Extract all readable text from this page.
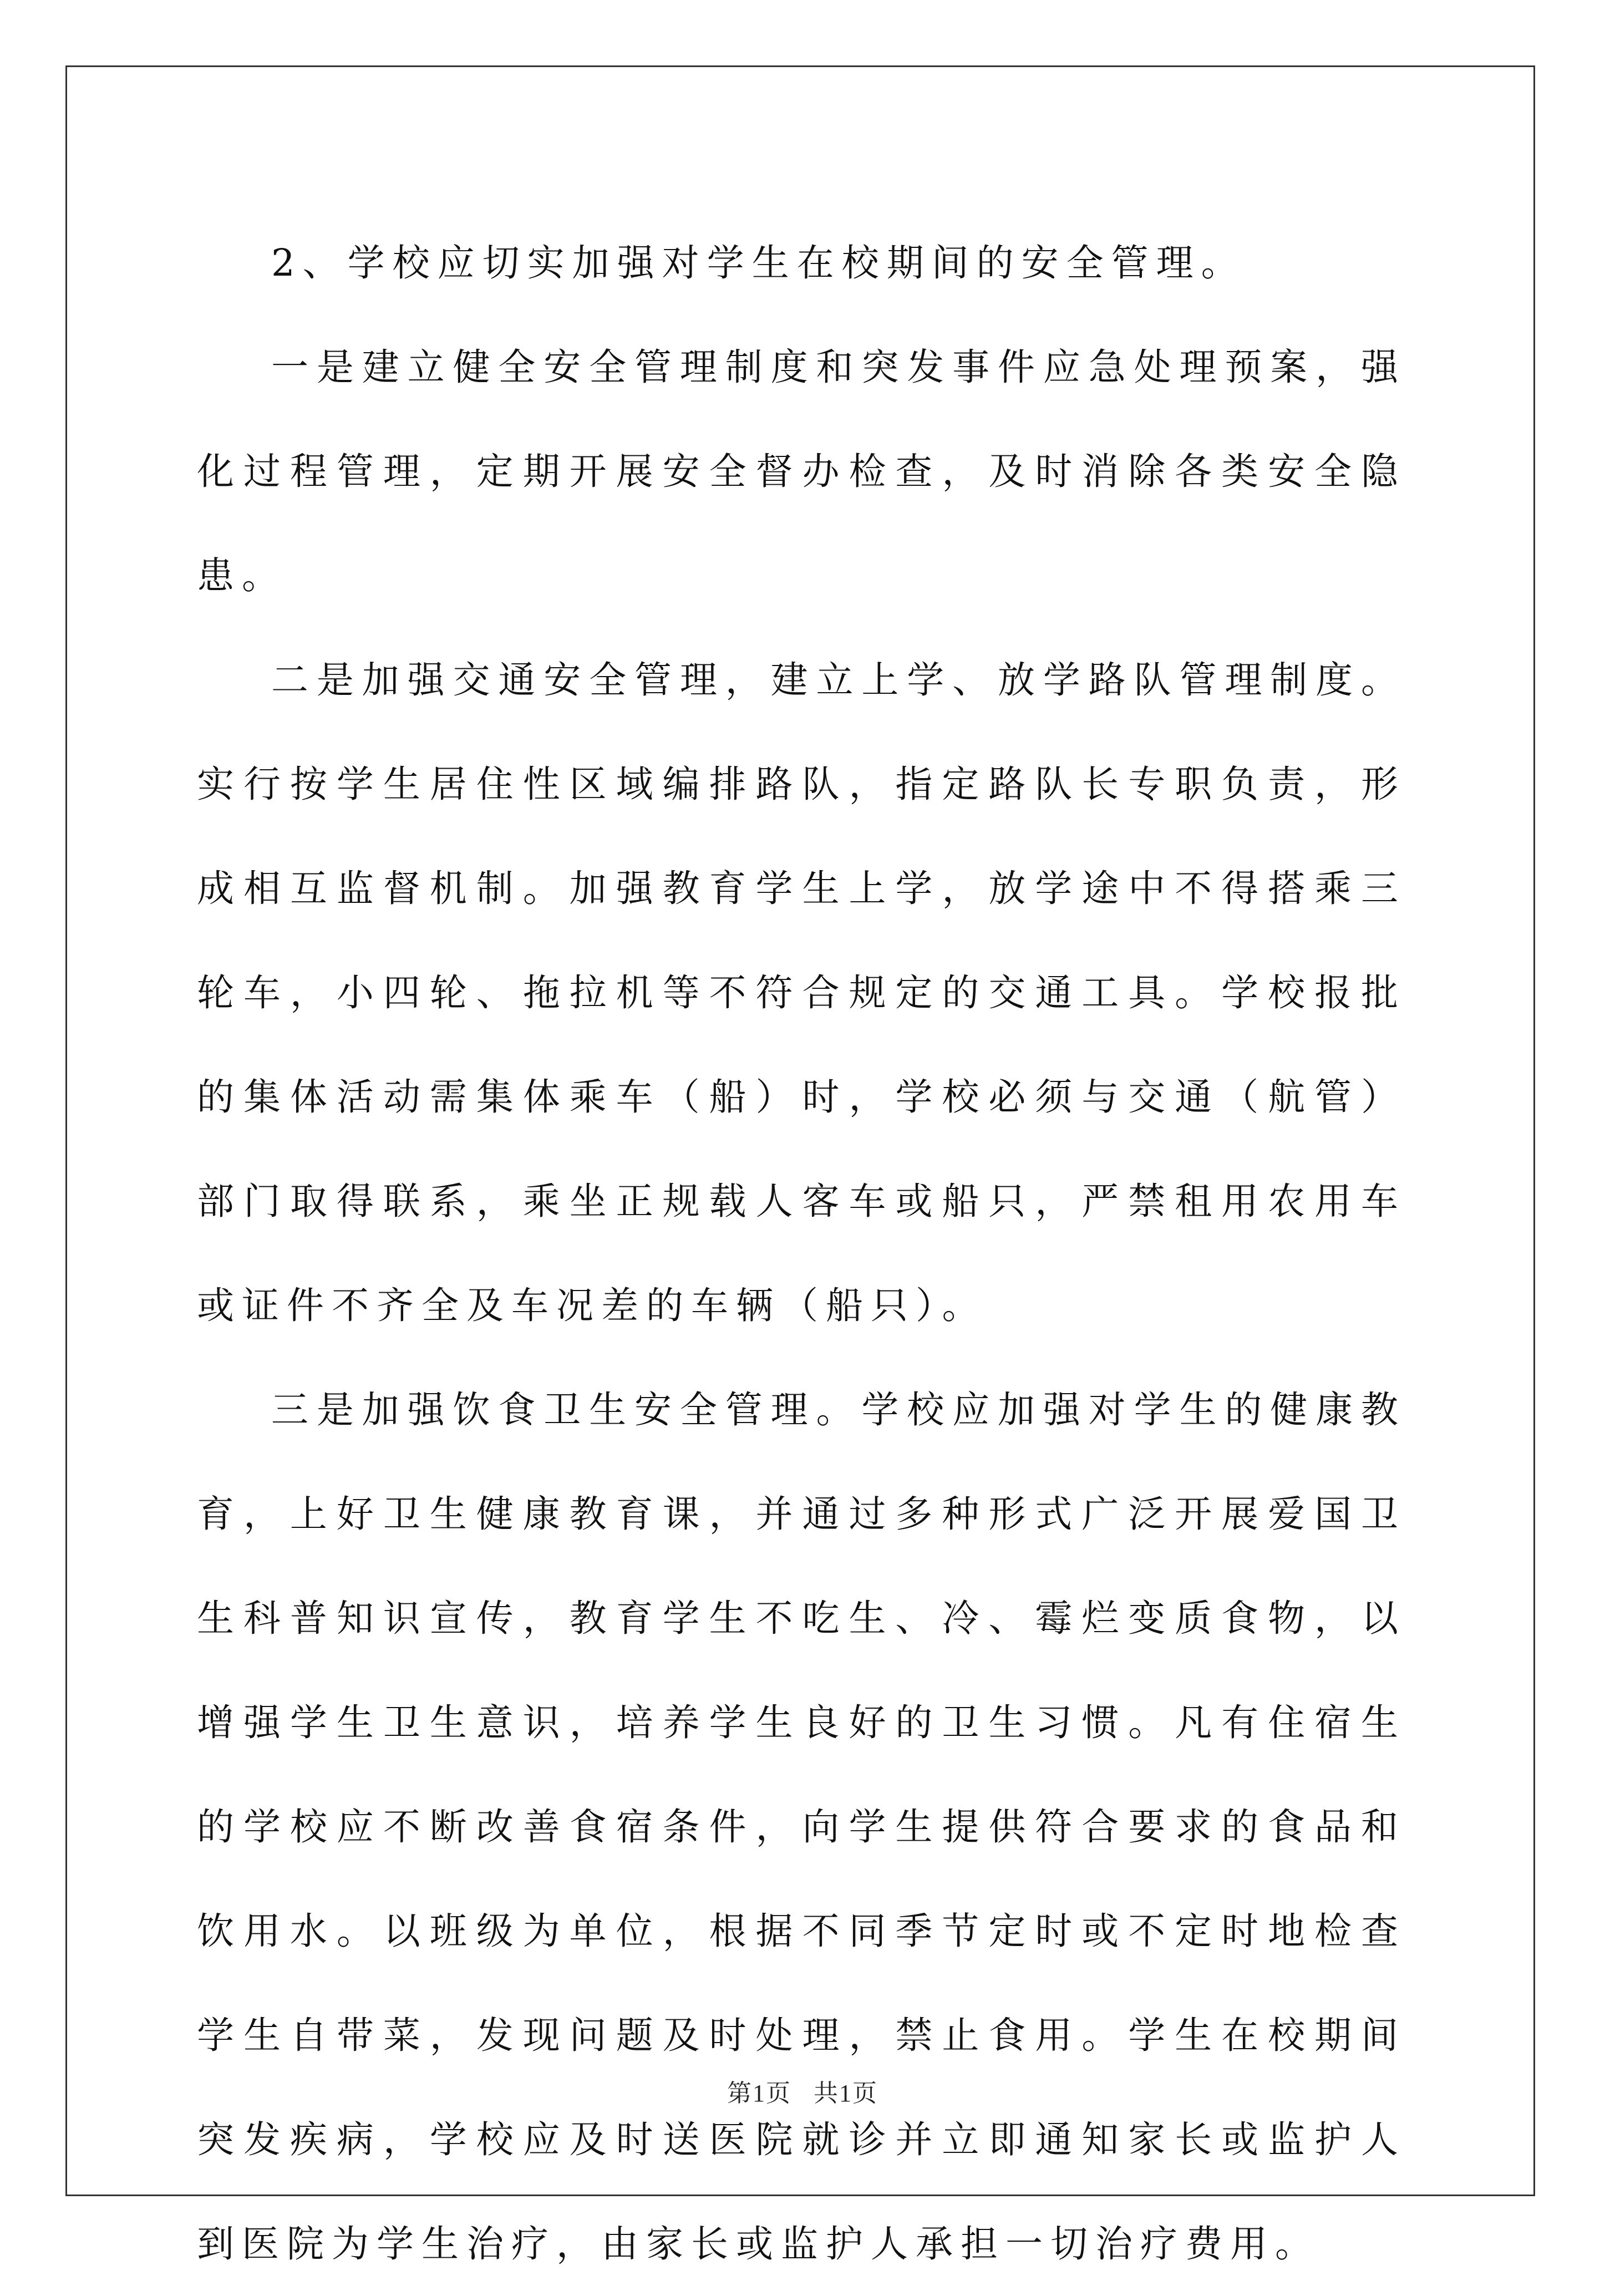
2、学校应切实加强对学生在校期间的安全管理。

一是建立健全安全管理制度和突发事件应急处理预案，强化过程管理，定期开展安全督办检查，及时消除各类安全隐患。

二是加强交通安全管理，建立上学、放学路队管理制度。实行按学生居住性区域编排路队，指定路队长专职负责，形成相互监督机制。加强教育学生上学，放学途中不得搭乘三轮车，小四轮、拖拉机等不符合规定的交通工具。学校报批的集体活动需集体乘车（船）时，学校必须与交通（航管）部门取得联系，乘坐正规载人客车或船只，严禁租用农用车或证件不齐全及车况差的车辆（船只）。

三是加强饮食卫生安全管理。学校应加强对学生的健康教育，上好卫生健康教育课，并通过多种形式广泛开展爱国卫生科普知识宣传，教育学生不吃生、冷、霉烂变质食物，以增强学生卫生意识，培养学生良好的卫生习惯。凡有住宿生的学校应不断改善食宿条件，向学生提供符合要求的食品和饮用水。以班级为单位，根据不同季节定时或不定时地检查学生自带菜，发现问题及时处理，禁止食用。学生在校期间突发疾病，学校应及时送医院就诊并立即通知家长或监护人到医院为学生治疗，由家长或监护人承担一切治疗费用。

第1页 共1页
